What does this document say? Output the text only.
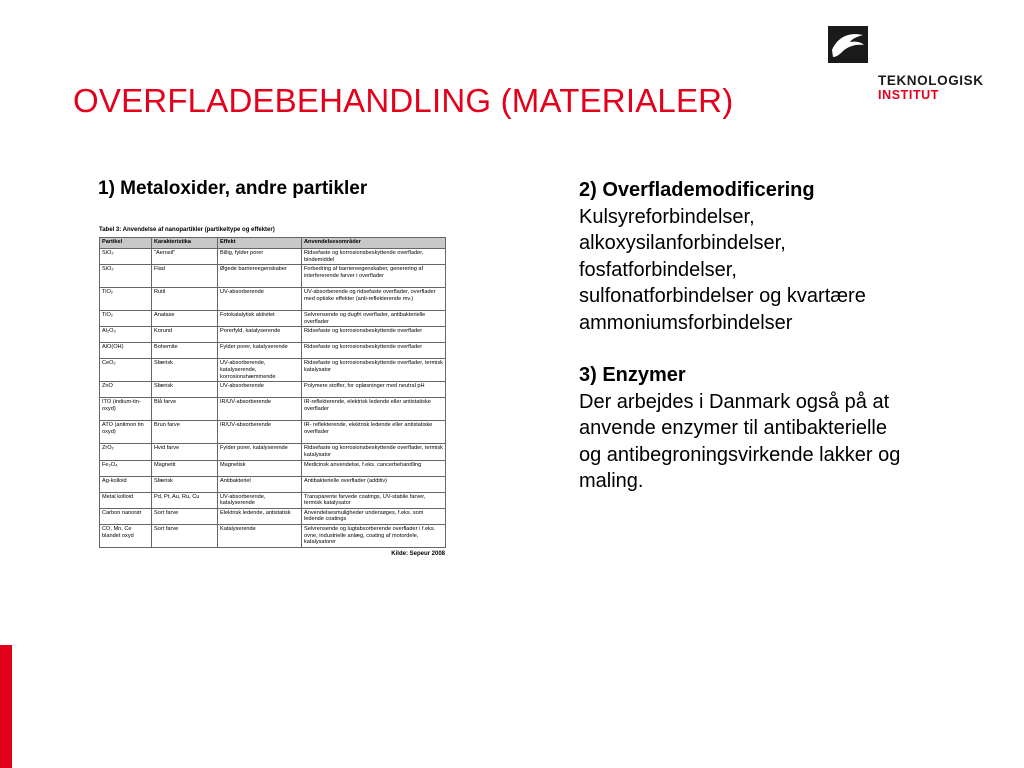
TEKNOLOGISK
INSTITUT
OVERFLADEBEHANDLING (MATERIALER)
1) Metaloxider, andre partikler
Tabel 3: Anvendelse af nanopartikler (partikeltype og effekter)
Partikel	Karakteristika	Effekt	Anvendelsesområder
SiO₂	"Aerosil"	Billig, fylder porer	Ridsefaste og korrosionsbeskyttende overflader, bindemiddel
SiO₂	Flad	Øgede barriereegenskaber	Forbedring af barriereegenskaber, generering af interfererende farver i overflader
TiO₂	Rutil	UV-absorberende	UV-absorberende og ridsefaste overflader, overflader med optiske effekter (anti-reflekterende mv.)
TiO₂	Anatase	Fotokatalytisk aktivitet	Selvrensende og dugfri overflader, antibakterielle overflader
Al₂O₃	Korund	Porerfyld, katalyserende	Ridsefaste og korrosionsbeskyttende overflader
AlO(OH)	Bohemite	Fylder porer, katalyserende	Ridsefaste og korrosionsbeskyttende overflader
CeO₂	Sfærisk	UV-absorberende, katalyserende, korrosionshæmmende	Ridsefaste og korrosionsbeskyttende overflader, termisk katalysator
ZnO	Sfærisk	UV-absorberende	Polymere stoffer, for opløsninger med neutral pH
ITO (indium-tin-oxyd)	Blå farve	IR/UV-absorberende	IR-reflekterende, elektrisk ledende eller antistatiske overflader
ATO (antimon tin oxyd)	Brun farve	IR/UV-absorberende	IR- reflekterende, elektrisk ledende eller antistatiske overflader
ZrO₂	Hvid farve	Fylder porer, katalyserende	Ridsefaste og korrosionsbeskyttende overflader, termisk katalysator
Fe₃O₄	Magnetit	Magnetisk	Medicinsk anvendelse, f.eks. cancerbehandling
Ag-kolloid	Sfærisk	Antibakteriel	Antibakterielle overflader (additiv)
Metal kolloid	Pd, Pt, Au, Ru, Cu	UV-absorberende, katalyserende	Transparente farvede coatings, UV-stabile farver, termisk katalysator
Carbon nanorør	Sort farve	Elektrisk ledende, antistatisk	Anvendelsesmuligheder undersøges, f.eks. som ledende coatings
CO, Mn, Ce blandet oxyd	Sort farve	Katalyserende	Selvrensende og lugtabsorberende overflader i f.eks. ovne, industrielle anlæg, coating af motordele, katalysatorer
Kilde: Sepeur 2008
2) Overflademodificering

Kulsyreforbindelser,

alkoxysilanforbindelser,

fosfatforbindelser,

sulfonatforbindelser og kvartære

ammoniumsforbindelser

3) Enzymer

Der arbejdes i Danmark også på at

anvende enzymer til antibakterielle

og antibegroningsvirkende lakker og

maling.
